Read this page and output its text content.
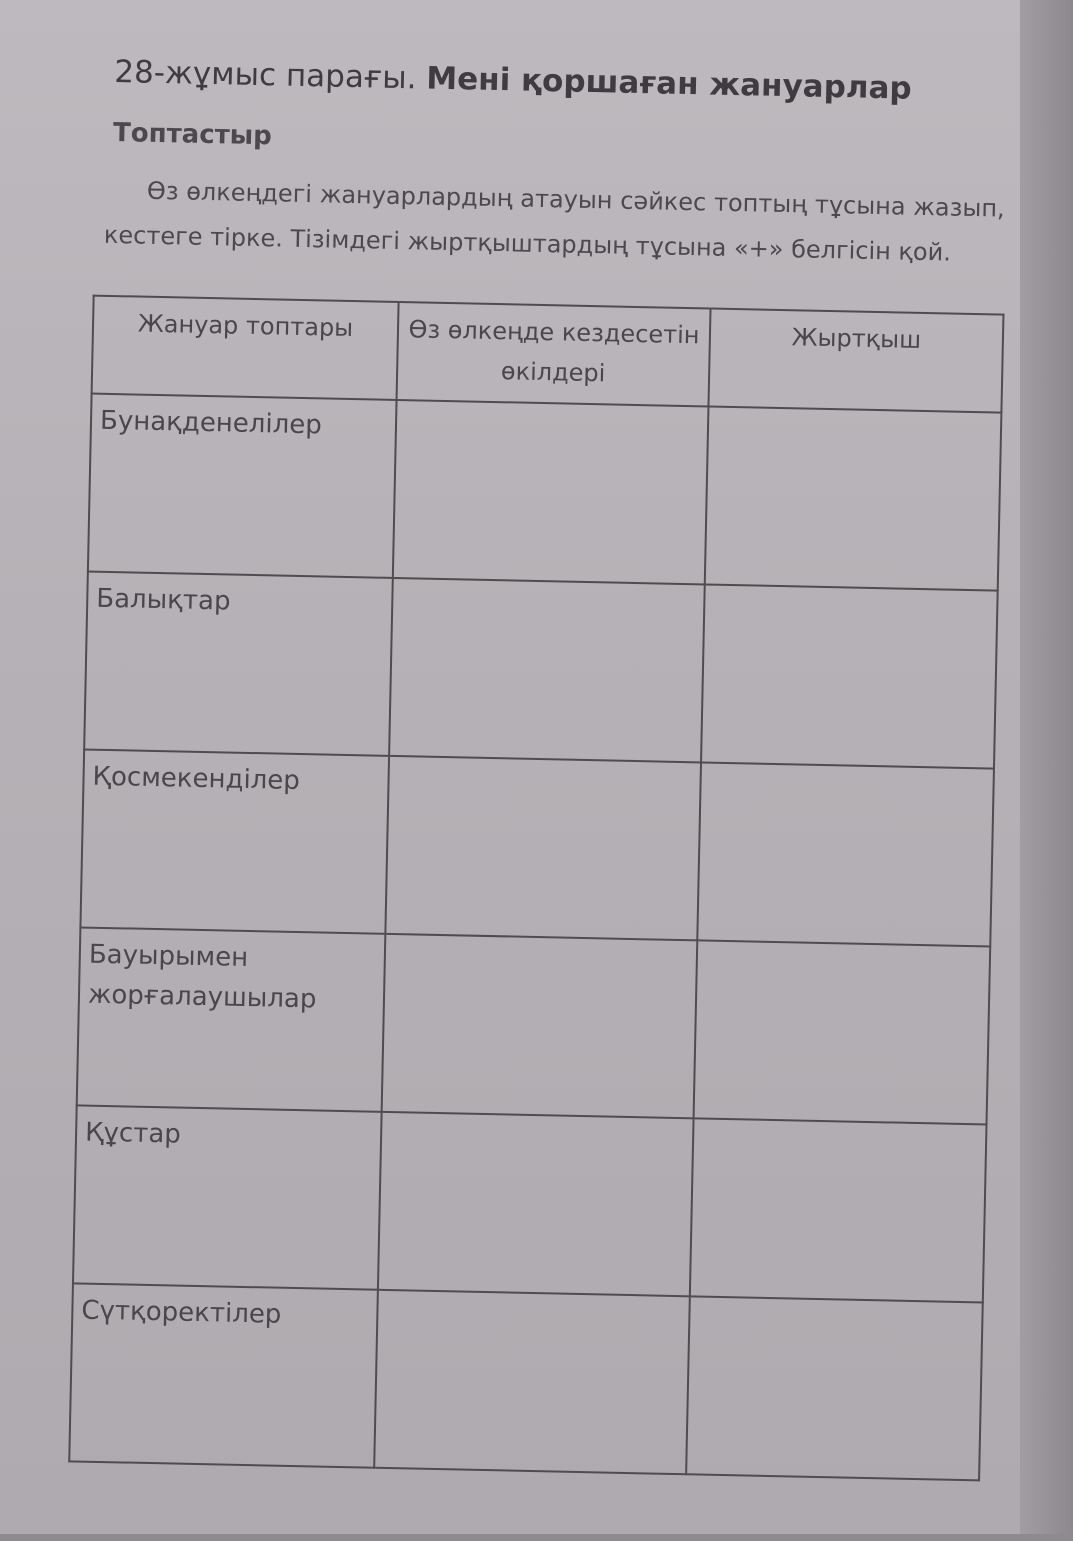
28-жұмыс парағы. Мені қоршаған жануарлар
Топтастыр
Өз өлкеңдегі жануарлардың атауын сәйкес топтың тұсына жазып, кестеге тірке. Тізімдегі жыртқыштардың тұсына «+» белгісін қой.
Жануар топтары	Өз өлкеңде кездесетін өкілдері	Жыртқыш
Бунақденелілер		
Балықтар		
Қосмекенділер		
Бауырымен жорғалаушылар		
Құстар		
Сүтқоректілер		
